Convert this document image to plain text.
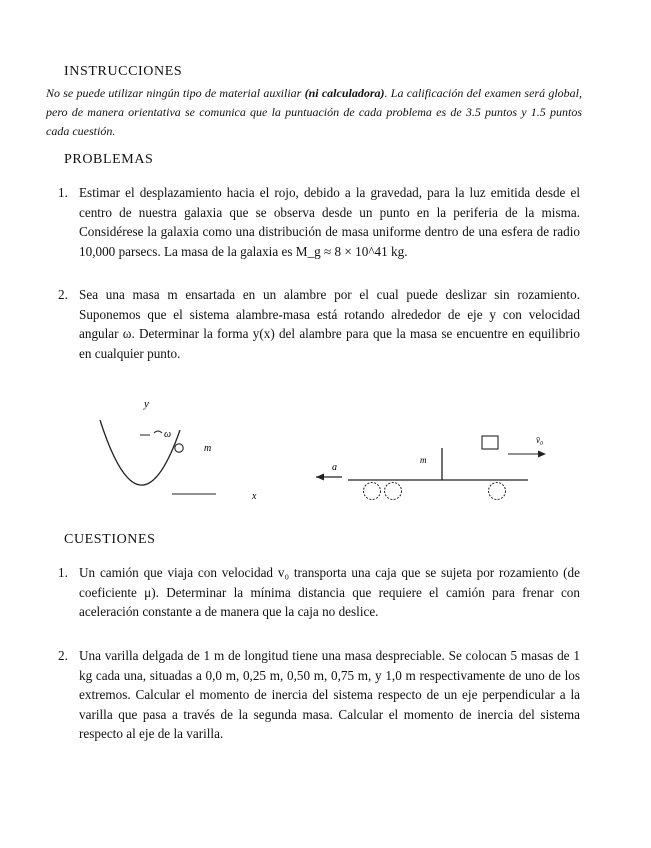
INSTRUCCIONES
No se puede utilizar ningún tipo de material auxiliar (ni calculadora). La calificación del examen será global, pero de manera orientativa se comunica que la puntuación de cada problema es de 3.5 puntos y 1.5 puntos cada cuestión.
PROBLEMAS
1. Estimar el desplazamiento hacia el rojo, debido a la gravedad, para la luz emitida desde el centro de nuestra galaxia que se observa desde un punto en la periferia de la misma. Considérese la galaxia como una distribución de masa uniforme dentro de una esfera de radio 10,000 parsecs. La masa de la galaxia es M_g ≈ 8 × 10^41 kg.
2. Sea una masa m ensartada en un alambre por el cual puede deslizar sin rozamiento. Suponemos que el sistema alambre-masa está rotando alrededor de eje y con velocidad angular ω. Determinar la forma y(x) del alambre para que la masa se encuentre en equilibrio en cualquier punto.
y
ω
m
x
a
m
v̄₀
CUESTIONES
1. Un camión que viaja con velocidad v₀ transporta una caja que se sujeta por rozamiento (de coeficiente μ). Determinar la mínima distancia que requiere el camión para frenar con aceleración constante a de manera que la caja no deslice.
2. Una varilla delgada de 1 m de longitud tiene una masa despreciable. Se colocan 5 masas de 1 kg cada una, situadas a 0,0 m, 0,25 m, 0,50 m, 0,75 m, y 1,0 m respectivamente de uno de los extremos. Calcular el momento de inercia del sistema respecto de un eje perpendicular a la varilla que pasa a través de la segunda masa. Calcular el momento de inercia del sistema respecto al eje de la varilla.
